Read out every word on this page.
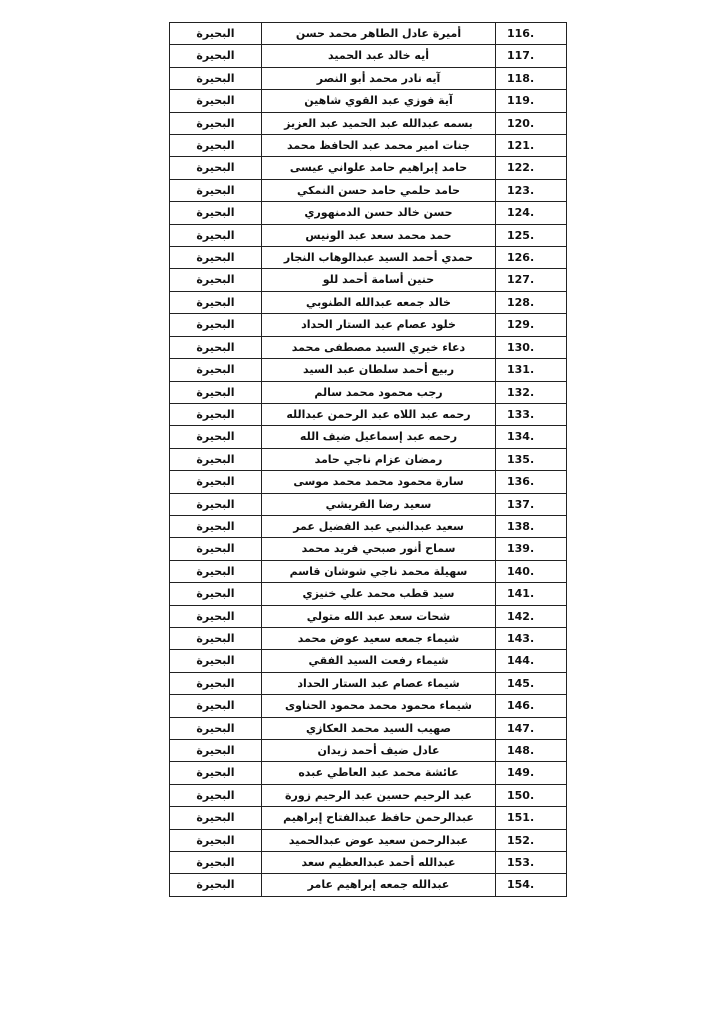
البحيرة	أميرة عادل الطاهر محمد حسن	116.
البحيرة	أيه خالد عبد الحميد	117.
البحيرة	آيه نادر محمد أبو النصر	118.
البحيرة	آية فوزي عبد القوي شاهين	119.
البحيرة	بسمه عبدالله عبد الحميد عبد العزيز	120.
البحيرة	جنات امير محمد عبد الحافظ محمد	121.
البحيرة	حامد إبراهيم حامد علواني عيسى	122.
البحيرة	حامد حلمي حامد حسن النمكي	123.
البحيرة	حسن خالد حسن الدمنهوري	124.
البحيرة	حمد محمد سعد عبد الونيس	125.
البحيرة	حمدي أحمد السيد عبدالوهاب النجار	126.
البحيرة	حنين أسامة أحمد للو	127.
البحيرة	خالد جمعه عبدالله الطنوبي	128.
البحيرة	خلود عصام عبد الستار الحداد	129.
البحيرة	دعاء خيري السيد مصطفى محمد	130.
البحيرة	ربيع أحمد سلطان عبد السيد	131.
البحيرة	رجب محمود محمد سالم	132.
البحيرة	رحمه عبد اللاه عبد الرحمن عبدالله	133.
البحيرة	رحمه عبد إسماعيل ضيف الله	134.
البحيرة	رمضان عزام ناجي حامد	135.
البحيرة	سارة محمود محمد محمد موسى	136.
البحيرة	سعيد رضا القريشي	137.
البحيرة	سعيد عبدالنبي عبد الفضيل عمر	138.
البحيرة	سماح أنور صبحي فريد محمد	139.
البحيرة	سهيلة محمد ناجي شوشان قاسم	140.
البحيرة	سيد قطب محمد علي خنيزي	141.
البحيرة	شحات سعد عبد الله متولي	142.
البحيرة	شيماء جمعه سعيد عوض محمد	143.
البحيرة	شيماء رفعت السيد الفقي	144.
البحيرة	شيماء عصام عبد الستار الحداد	145.
البحيرة	شيماء محمود محمد محمود الحناوى	146.
البحيرة	صهيب السيد محمد العكازي	147.
البحيرة	عادل ضيف أحمد زيدان	148.
البحيرة	عائشة محمد عبد العاطي عبده	149.
البحيرة	عبد الرحيم حسين عبد الرحيم زورة	150.
البحيرة	عبدالرحمن حافظ عبدالفتاح إبراهيم	151.
البحيرة	عبدالرحمن سعيد عوض عبدالحميد	152.
البحيرة	عبدالله أحمد عبدالعظيم سعد	153.
البحيرة	عبدالله جمعه إبراهيم عامر	154.
